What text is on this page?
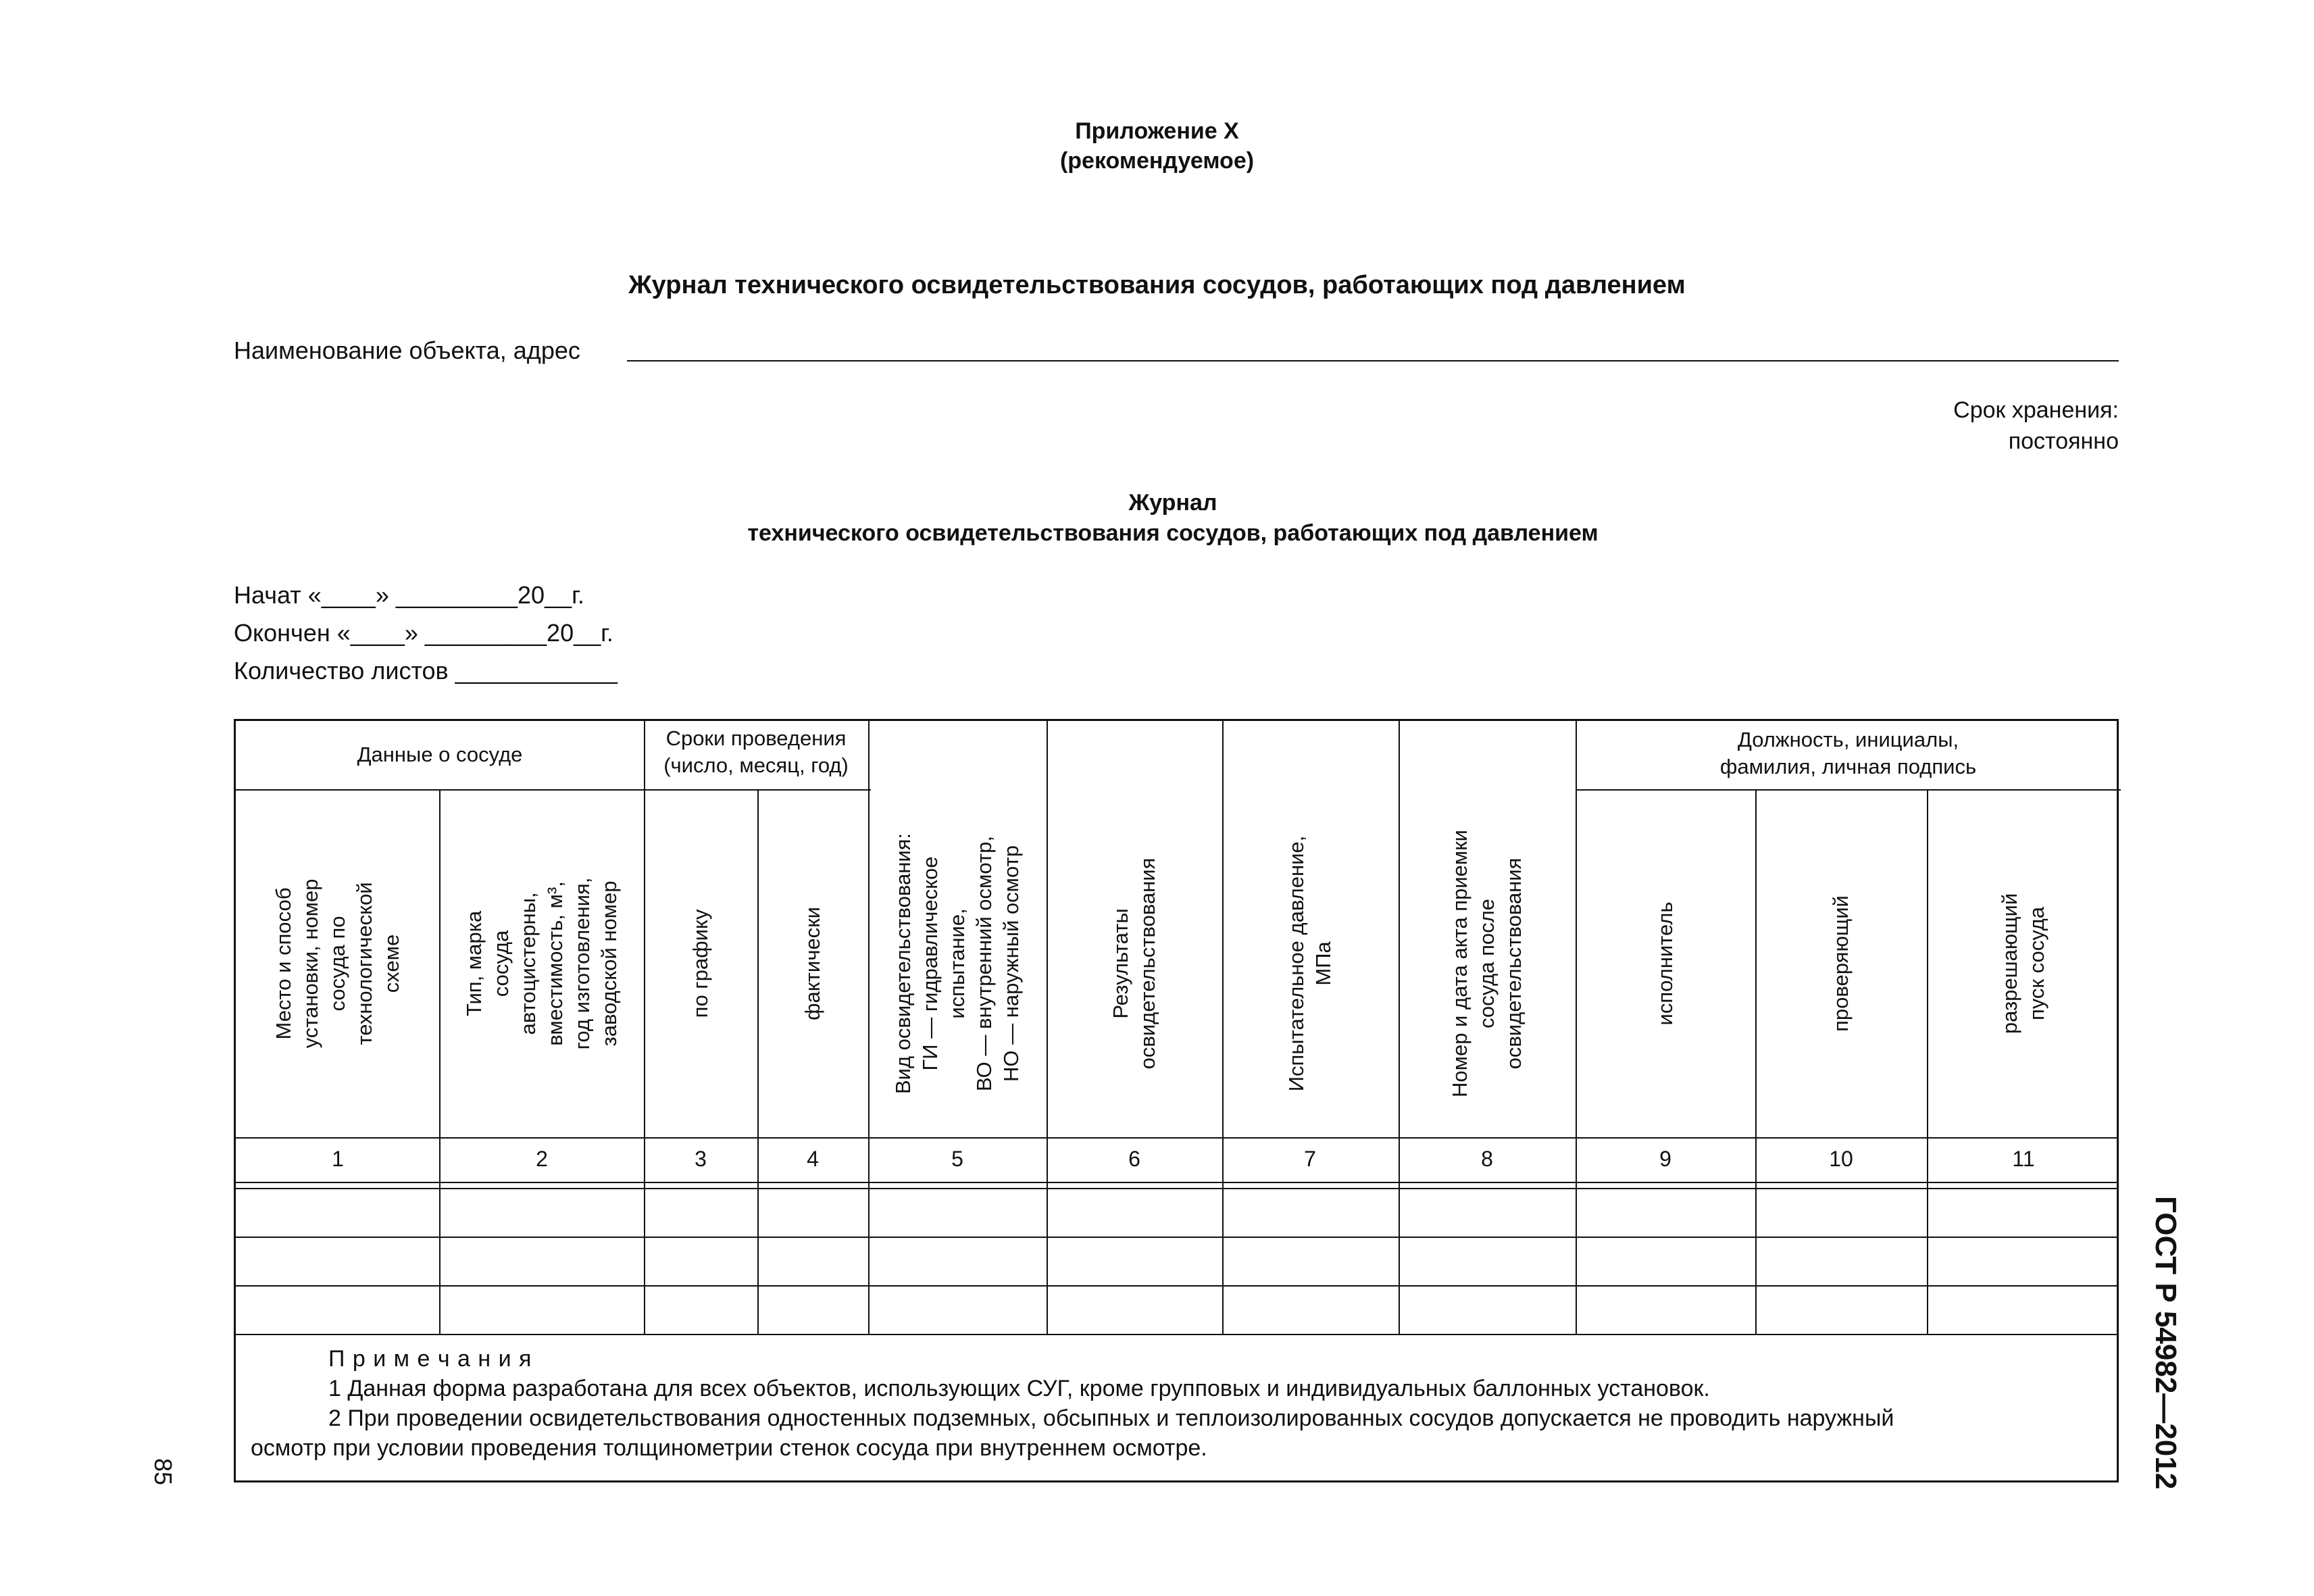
Приложение Х
(рекомендуемое)
Журнал технического освидетельствования сосудов, работающих под давлением
Наименование объекта, адрес
Срок хранения:
постоянно
Журнал
технического освидетельствования сосудов, работающих под давлением
Начат «____» _________20__г.
Окончен «____» _________20__г.
Количество листов ____________
Данные о сосуде
Сроки проведения
(число, месяц, год)
Должность, инициалы,
фамилия, личная подпись
Место и способ установки, номер сосуда по технологической схеме	Тип, марка сосуда автоцистерны, вместимость, м³, год изготовления, заводской номер	по графику	фактически	Вид освидетельствования: ГИ — гидравлическое испытание, ВО — внутренний осмотр, НО — наружный осмотр	Результаты освидетельствования	Испытательное давление, МПа	Номер и дата акта приемки сосуда после освидетельствования	исполнитель	проверяющий	разрешающий пуск сосуда
1	2	3	4	5	6	7	8	9	10	11
П р и м е ч а н и я
1 Данная форма разработана для всех объектов, использующих СУГ, кроме групповых и индивидуальных баллонных установок.
2 При проведении освидетельствования одностенных подземных, обсыпных и теплоизолированных сосудов допускается не проводить наружный
осмотр при условии проведения толщинометрии стенок сосуда при внутреннем осмотре.	ГОСТ Р 54982—2012
85
